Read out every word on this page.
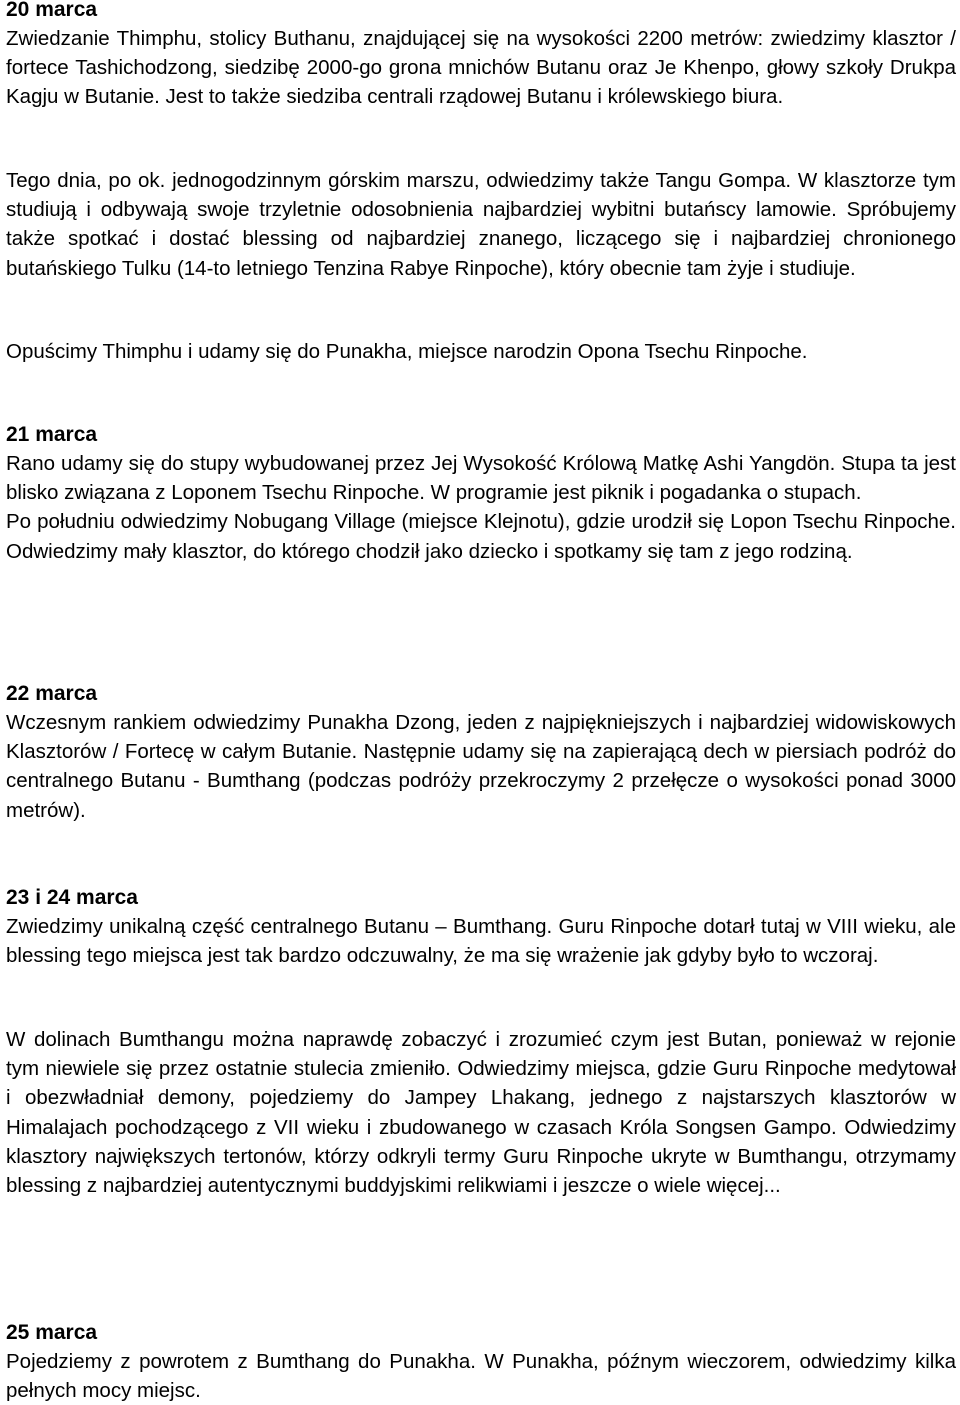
20 marca

Zwiedzanie Thimphu, stolicy Buthanu, znajdującej się na wysokości 2200 metrów: zwiedzimy klasztor / fortece Tashichodzong, siedzibę 2000-go grona mnichów Butanu oraz Je Khenpo, głowy szkoły Drukpa Kagju w Butanie. Jest to także siedziba centrali rządowej Butanu i królewskiego biura.

Tego dnia, po ok. jednogodzinnym górskim marszu, odwiedzimy także Tangu Gompa. W klasztorze tym studiują i odbywają swoje trzyletnie odosobnienia najbardziej wybitni butańscy lamowie. Spróbujemy także spotkać i dostać blessing od najbardziej znanego, liczącego się i najbardziej chronionego butańskiego Tulku (14-to letniego Tenzina Rabye Rinpoche), który obecnie tam żyje i studiuje.

Opuścimy Thimphu i udamy się do Punakha, miejsce narodzin Opona Tsechu Rinpoche.

21 marca

Rano udamy się do stupy wybudowanej przez Jej Wysokość Królową Matkę Ashi Yangdön. Stupa ta jest blisko związana z Loponem Tsechu Rinpoche. W programie jest piknik i pogadanka o stupach.

Po południu odwiedzimy Nobugang Village (miejsce Klejnotu), gdzie urodził się Lopon Tsechu Rinpoche. Odwiedzimy mały klasztor, do którego chodził jako dziecko i spotkamy się tam z jego rodziną.

22 marca

Wczesnym rankiem odwiedzimy Punakha Dzong, jeden z najpiękniejszych i najbardziej widowiskowych Klasztorów / Fortecę w całym Butanie. Następnie udamy się na zapierającą dech w piersiach podróż do centralnego Butanu - Bumthang (podczas podróży przekroczymy 2 przełęcze o wysokości ponad 3000 metrów).

23 i 24 marca

Zwiedzimy unikalną część centralnego Butanu – Bumthang. Guru Rinpoche dotarł tutaj w VIII wieku, ale blessing tego miejsca jest tak bardzo odczuwalny, że ma się wrażenie jak gdyby było to wczoraj.

W dolinach Bumthangu można naprawdę zobaczyć i zrozumieć czym jest Butan, ponieważ w rejonie tym niewiele się przez ostatnie stulecia zmieniło. Odwiedzimy miejsca, gdzie Guru Rinpoche medytował i obezwładniał demony, pojedziemy do Jampey Lhakang, jednego z najstarszych klasztorów w Himalajach pochodzącego z VII wieku i zbudowanego w czasach Króla Songsen Gampo. Odwiedzimy klasztory największych tertonów, którzy odkryli termy Guru Rinpoche ukryte w Bumthangu, otrzymamy blessing z najbardziej autentycznymi buddyjskimi relikwiami i jeszcze o wiele więcej...

25 marca

Pojedziemy z powrotem z Bumthang do Punakha. W Punakha, późnym wieczorem, odwiedzimy kilka pełnych mocy miejsc.
